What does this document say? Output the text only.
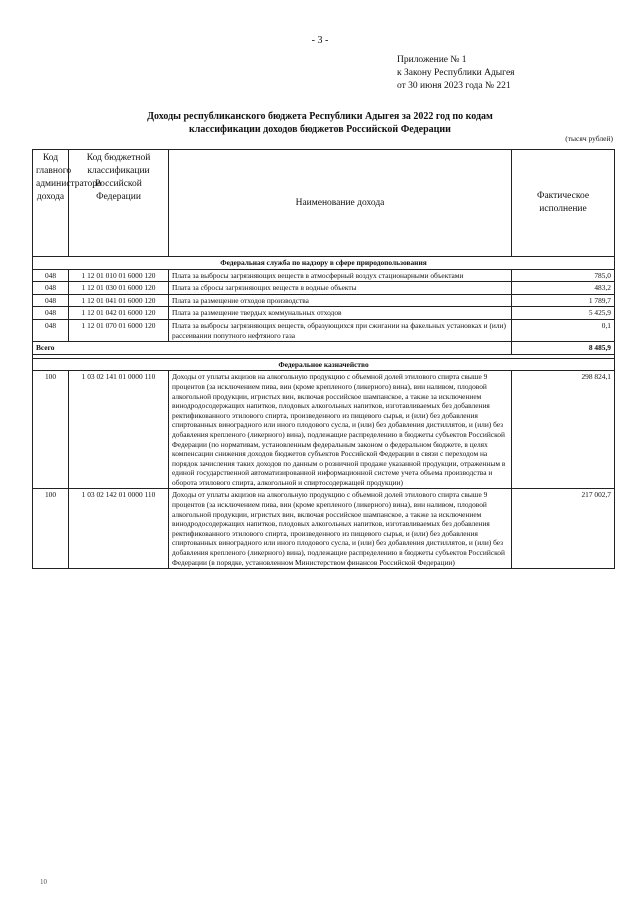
- 3 -
Приложение № 1
к Закону Республики Адыгея
от 30 июня 2023 года № 221
Доходы республиканского бюджета Республики Адыгея за 2022 год по кодам
классификации доходов бюджетов Российской Федерации
(тысяч рублей)
Код главного администратора дохода	Код бюджетной классификации Российской Федерации	Наименование дохода	Фактическое исполнение
Федеральная служба по надзору в сфере природопользования			
048	1 12 01 010 01 6000 120	Плата за выбросы загрязняющих веществ в атмосферный воздух стационарными объектами	785,0
048	1 12 01 030 01 6000 120	Плата за сбросы загрязняющих веществ в водные объекты	483,2
048	1 12 01 041 01 6000 120	Плата за размещение отходов производства	1 789,7
048	1 12 01 042 01 6000 120	Плата за размещение твердых коммунальных отходов	5 425,9
048	1 12 01 070 01 6000 120	Плата за выбросы загрязняющих веществ, образующихся при сжигании на факельных установках и (или) рассеивании попутного нефтяного газа	0,1
Всего			8 485,9

Федеральное казначейство			
100	1 03 02 141 01 0000 110	Доходы от уплаты акцизов на алкогольную продукцию с объемной долей этилового спирта свыше 9 процентов (за исключением пива, вин (кроме крепленого (ликерного) вина), вин наливом, плодовой алкогольной продукции, игристых вин, включая российское шампанское, а также за исключением винодродосодержащих напитков, плодовых алкогольных напитков, изготавливаемых без добавления ректификованного этилового спирта, произведенного из пищевого сырья, и (или) без добавления спиртованных виноградного или иного плодового сусла, и (или) без добавления дистиллятов, и (или) без добавления крепленого (ликерного) вина), подлежащие распределению в бюджеты субъектов Российской Федерации (по нормативам, установленным федеральным законом о федеральном бюджете, в целях компенсации снижения доходов бюджетов субъектов Российской Федерации в связи с переходом на порядок зачисления таких доходов по данным о розничной продаже указанной продукции, отраженным в единой государственной автоматизированной информационной системе учета объема производства и оборота этилового спирта, алкогольной и спиртосодержащей продукции)	298 824,1
100	1 03 02 142 01 0000 110	Доходы от уплаты акцизов на алкогольную продукцию с объемной долей этилового спирта свыше 9 процентов (за исключением пива, вин (кроме крепленого (ликерного) вина), вин наливом, плодовой алкогольной продукции, игристых вин, включая российское шампанское, а также за исключением винодродосодержащих напитков, плодовых алкогольных напитков, изготавливаемых без добавления ректификованного этилового спирта, произведенного из пищевого сырья, и (или) без добавления спиртованных виноградного или иного плодового сусла, и (или) без добавления дистиллятов, и (или) без добавления крепленого (ликерного) вина), подлежащие распределению в бюджеты субъектов Российской Федерации (в порядке, установленном Министерством финансов Российской Федерации)	217 002,7
10
